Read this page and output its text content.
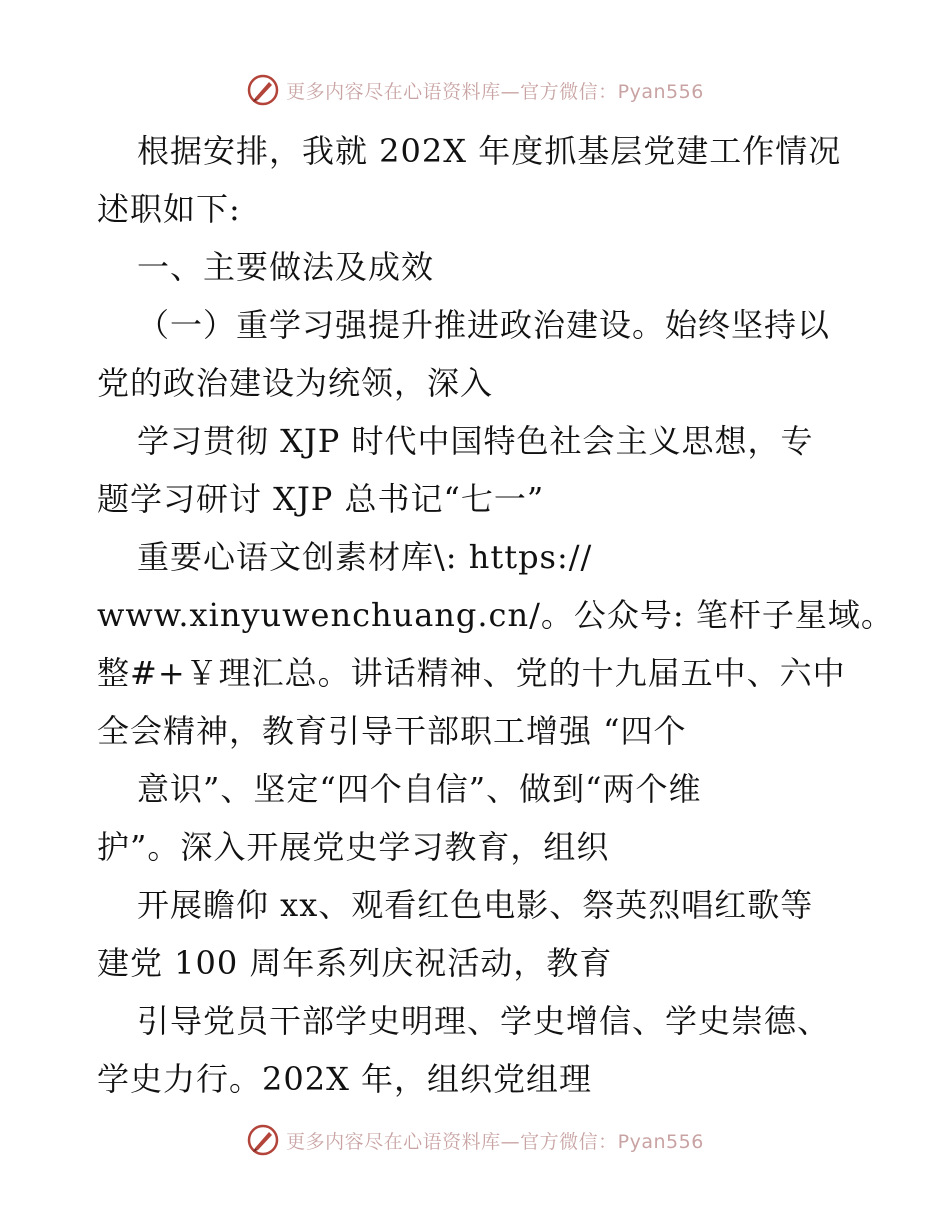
更多内容尽在心语资料库—官方微信：Pyan556
根据安排，我就 202X 年度抓基层党建工作情况
述职如下:
一、主要做法及成效
（一）重学习强提升推进政治建设。始终坚持以
党的政治建设为统领，深入
学习贯彻 XJP 时代中国特色社会主义思想，专
题学习研讨 XJP 总书记“七一”
重要心语文创素材库\: https://
www.xinyuwenchuang.cn/。公众号: 笔杆子星域。
整#+￥理汇总。讲话精神、党的十九届五中、六中
全会精神，教育引导干部职工增强 “四个
意识”、坚定“四个自信”、做到“两个维
护”。深入开展党史学习教育，组织
开展瞻仰 xx、观看红色电影、祭英烈唱红歌等
建党 100 周年系列庆祝活动，教育
引导党员干部学史明理、学史增信、学史崇德、
学史力行。202X 年，组织党组理
更多内容尽在心语资料库—官方微信：Pyan556
